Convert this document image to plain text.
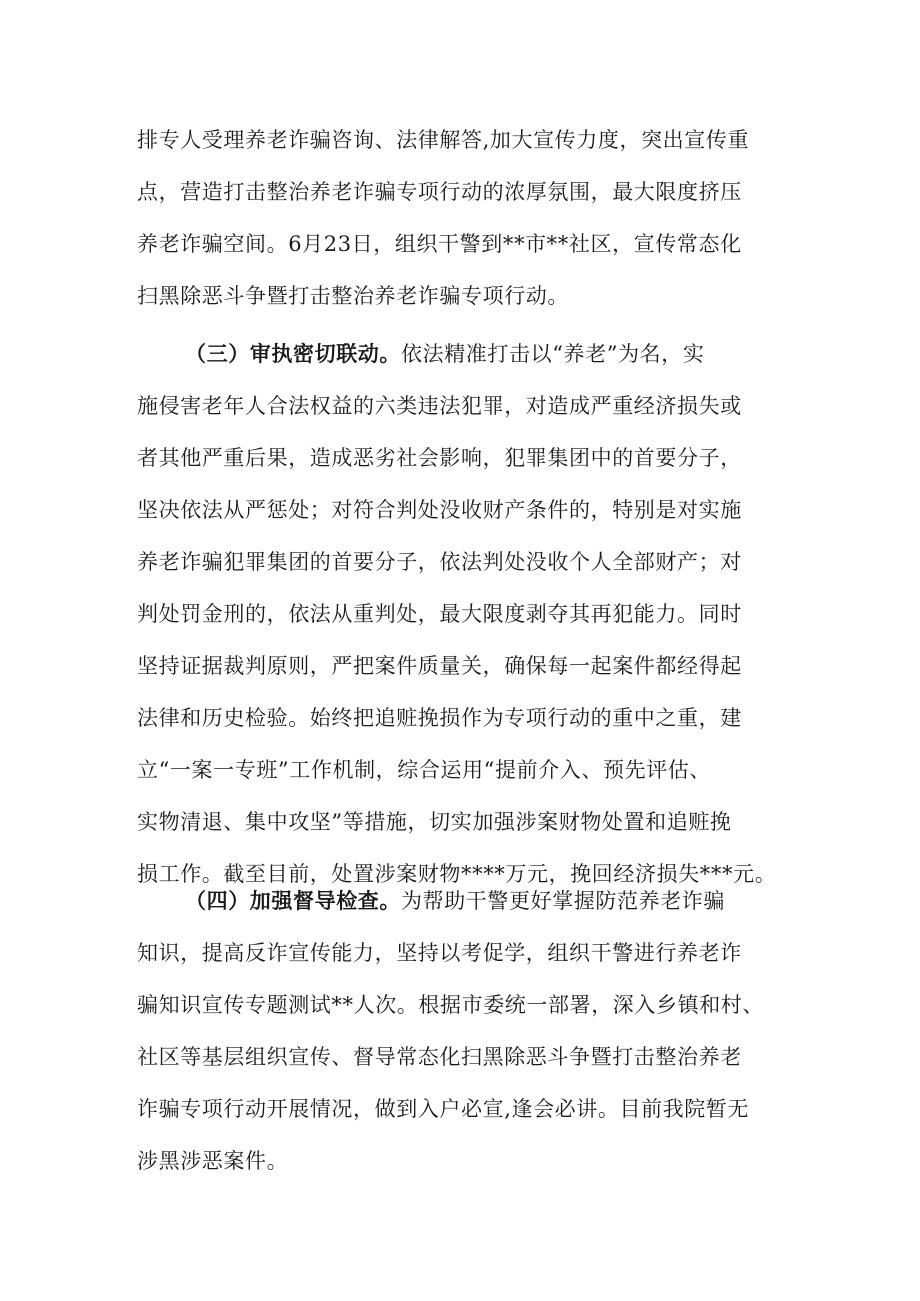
排专人受理养老诈骗咨询、法律解答,加大宣传力度，突出宣传重
点，营造打击整治养老诈骗专项行动的浓厚氛围，最大限度挤压
养老诈骗空间。6月23日，组织干警到**市**社区，宣传常态化
扫黑除恶斗争暨打击整治养老诈骗专项行动。
（三）审执密切联动。依法精准打击以“养老”为名，实
施侵害老年人合法权益的六类违法犯罪，对造成严重经济损失或
者其他严重后果，造成恶劣社会影响，犯罪集团中的首要分子，
坚决依法从严惩处；对符合判处没收财产条件的，特别是对实施
养老诈骗犯罪集团的首要分子，依法判处没收个人全部财产；对
判处罚金刑的，依法从重判处，最大限度剥夺其再犯能力。同时
坚持证据裁判原则，严把案件质量关，确保每一起案件都经得起
法律和历史检验。始终把追赃挽损作为专项行动的重中之重，建
立“一案一专班”工作机制，综合运用“提前介入、预先评估、
实物清退、集中攻坚”等措施，切实加强涉案财物处置和追赃挽
损工作。截至目前，处置涉案财物****万元，挽回经济损失***元。
（四）加强督导检查。为帮助干警更好掌握防范养老诈骗
知识，提高反诈宣传能力，坚持以考促学，组织干警进行养老诈
骗知识宣传专题测试**人次。根据市委统一部署，深入乡镇和村、
社区等基层组织宣传、督导常态化扫黑除恶斗争暨打击整治养老
诈骗专项行动开展情况，做到入户必宣,逢会必讲。目前我院暂无
涉黑涉恶案件。
